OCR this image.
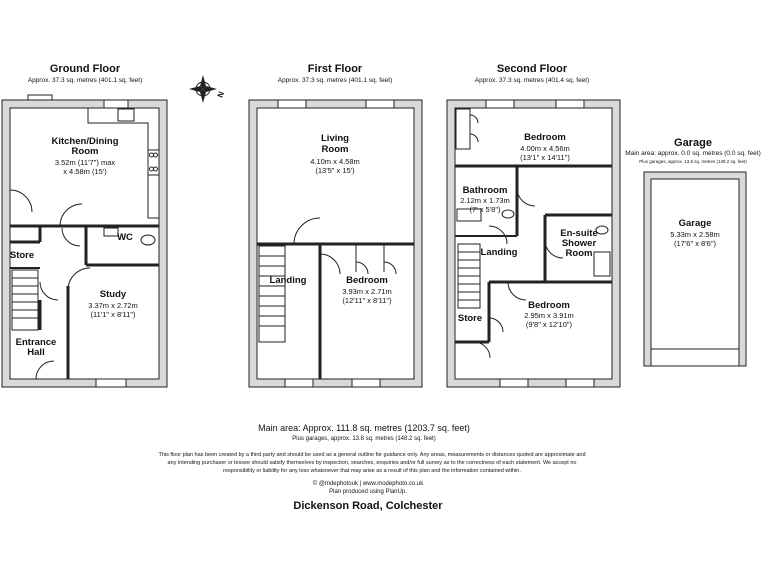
N
Ground Floor
Approx. 37.3 sq. metres (401.1 sq. feet)
Kitchen/Dining
Room
3.52m (11'7") max
x 4.58m (15')
WC
Store
Study
3.37m x 2.72m
(11'1" x 8'11")
Entrance
Hall
First Floor
Approx. 37.3 sq. metres (401.1 sq. feet)
Living
Room
4.10m x 4.58m
(13'5" x 15')
Landing	Bedroom
3.93m x 2.71m
(12'11" x 8'11")
Second Floor
Approx. 37.3 sq. metres (401.4 sq. feet)
Bedroom
4.00m x 4.56m
(13'1" x 14'11")
Bathroom
2.12m x 1.73m
(7' x 5'8")
En-suite
Shower
Room
Landing
Bedroom
2.95m x 3.91m
(9'8" x 12'10")
Store
Garage
Main area: approx. 0.0 sq. metres (0.0 sq. feet)
Plus garages, approx. 13.8 sq. metres (148.2 sq. feet)
Garage
5.33m x 2.58m
(17'6" x 8'6")
Main area: Approx. 111.8 sq. metres (1203.7 sq. feet)
Plus garages, approx. 13.8 sq. metres (148.2 sq. feet)
This floor plan has been created by a third party and should be used as a general outline for guidance only. Any areas, measurements or distances quoted are approximate and
any intending purchaser or lessee should satisfy themselves by inspection, searches, enquiries and/or full survey as to the correctness of each statement. We accept no
responsibility or liability for any loss whatsoever that may arise as a result of this plan and the information contained within.
© @mdephotouk | www.modephoto.co.uk
Plan produced using PlanUp.
Dickenson Road, Colchester
